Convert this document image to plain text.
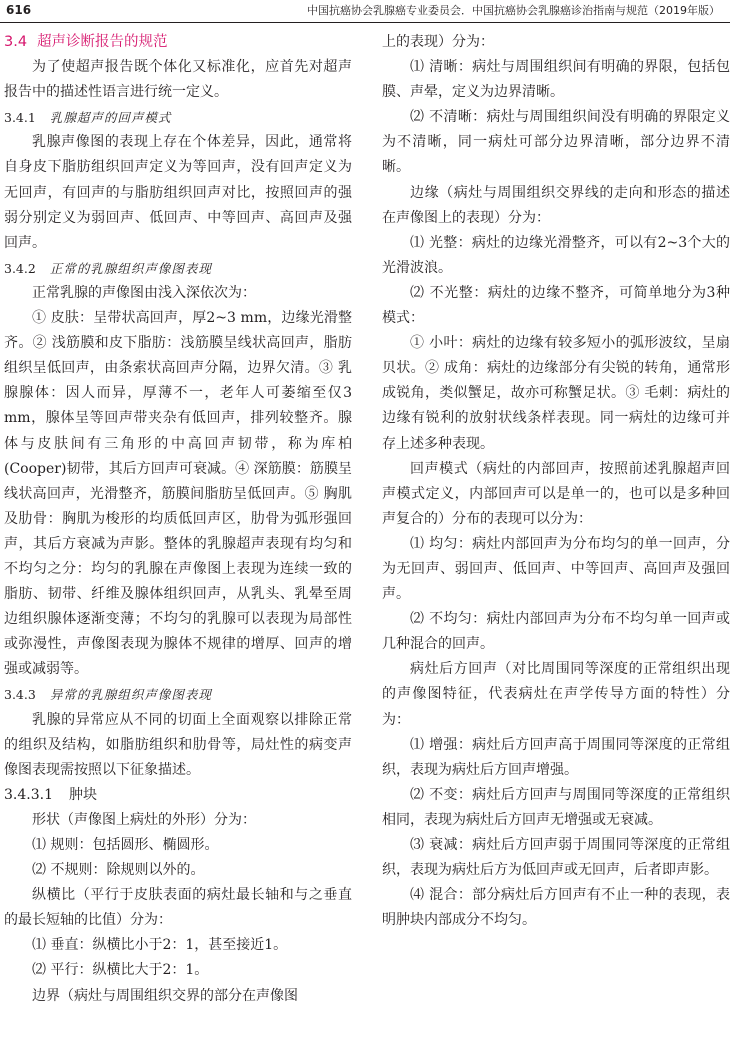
616	中国抗癌协会乳腺癌专业委员会．中国抗癌协会乳腺癌诊治指南与规范（2019年版）
3.4 超声诊断报告的规范

为了使超声报告既个体化又标准化，应首先对超声报告中的描述性语言进行统一定义。

3.4.1 乳腺超声的回声模式

乳腺声像图的表现上存在个体差异，因此，通常将自身皮下脂肪组织回声定义为等回声，没有回声定义为无回声，有回声的与脂肪组织回声对比，按照回声的强弱分别定义为弱回声、低回声、中等回声、高回声及强回声。

3.4.2 正常的乳腺组织声像图表现

正常乳腺的声像图由浅入深依次为：

① 皮肤：呈带状高回声，厚2~3 mm，边缘光滑整齐。② 浅筋膜和皮下脂肪：浅筋膜呈线状高回声，脂肪组织呈低回声，由条索状高回声分隔，边界欠清。③ 乳腺腺体：因人而异，厚薄不一，老年人可萎缩至仅3 mm，腺体呈等回声带夹杂有低回声，排列较整齐。腺体与皮肤间有三角形的中高回声韧带，称为库柏(Cooper)韧带，其后方回声可衰减。④ 深筋膜：筋膜呈线状高回声，光滑整齐，筋膜间脂肪呈低回声。⑤ 胸肌及肋骨：胸肌为梭形的均质低回声区，肋骨为弧形强回声，其后方衰减为声影。整体的乳腺超声表现有均匀和不均匀之分：均匀的乳腺在声像图上表现为连续一致的脂肪、韧带、纤维及腺体组织回声，从乳头、乳晕至周边组织腺体逐渐变薄；不均匀的乳腺可以表现为局部性或弥漫性，声像图表现为腺体不规律的增厚、回声的增强或减弱等。

3.4.3 异常的乳腺组织声像图表现

乳腺的异常应从不同的切面上全面观察以排除正常的组织及结构，如脂肪组织和肋骨等，局灶性的病变声像图表现需按照以下征象描述。

3.4.3.1 肿块

形状（声像图上病灶的外形）分为：

⑴ 规则：包括圆形、椭圆形。

⑵ 不规则：除规则以外的。

纵横比（平行于皮肤表面的病灶最长轴和与之垂直的最长短轴的比值）分为：

⑴ 垂直：纵横比小于2：1，甚至接近1。

⑵ 平行：纵横比大于2：1。

边界（病灶与周围组织交界的部分在声像图

上的表现）分为：

⑴ 清晰：病灶与周围组织间有明确的界限，包括包膜、声晕，定义为边界清晰。

⑵ 不清晰：病灶与周围组织间没有明确的界限定义为不清晰，同一病灶可部分边界清晰，部分边界不清晰。

边缘（病灶与周围组织交界线的走向和形态的描述在声像图上的表现）分为：

⑴ 光整：病灶的边缘光滑整齐，可以有2~3个大的光滑波浪。

⑵ 不光整：病灶的边缘不整齐，可简单地分为3种模式：

① 小叶：病灶的边缘有较多短小的弧形波纹，呈扇贝状。② 成角：病灶的边缘部分有尖锐的转角，通常形成锐角，类似蟹足，故亦可称蟹足状。③ 毛刺：病灶的边缘有锐利的放射状线条样表现。同一病灶的边缘可并存上述多种表现。

回声模式（病灶的内部回声，按照前述乳腺超声回声模式定义，内部回声可以是单一的，也可以是多种回声复合的）分布的表现可以分为：

⑴ 均匀：病灶内部回声为分布均匀的单一回声，分为无回声、弱回声、低回声、中等回声、高回声及强回声。

⑵ 不均匀：病灶内部回声为分布不均匀单一回声或几种混合的回声。

病灶后方回声（对比周围同等深度的正常组织出现的声像图特征，代表病灶在声学传导方面的特性）分为：

⑴ 增强：病灶后方回声高于周围同等深度的正常组织，表现为病灶后方回声增强。

⑵ 不变：病灶后方回声与周围同等深度的正常组织相同，表现为病灶后方回声无增强或无衰减。

⑶ 衰减：病灶后方回声弱于周围同等深度的正常组织，表现为病灶后方为低回声或无回声，后者即声影。

⑷ 混合：部分病灶后方回声有不止一种的表现，表明肿块内部成分不均匀。
